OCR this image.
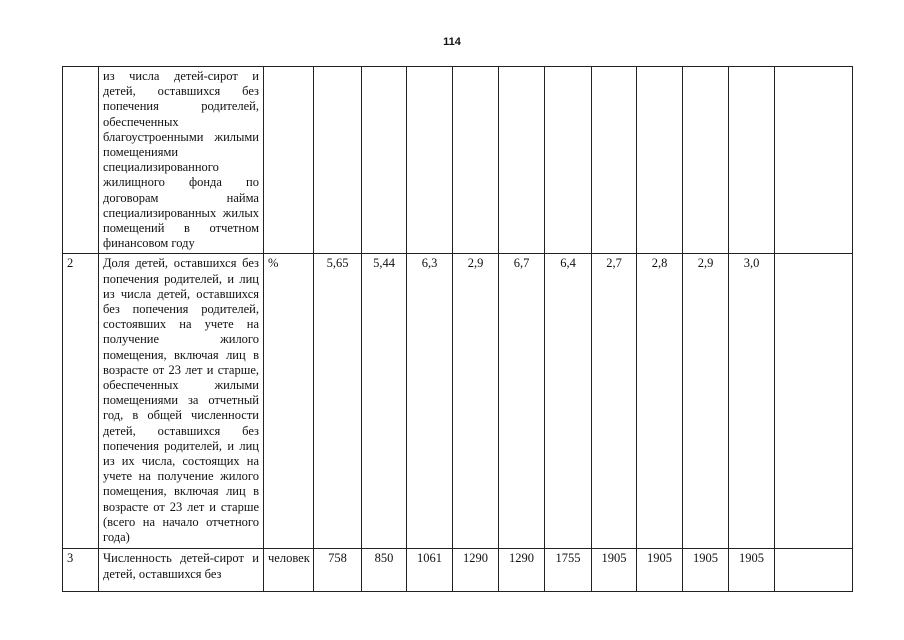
114
	из числа детей-сирот и детей, оставшихся без попечения родителей, обеспеченных благоустроенными жилыми помещениями специализированного жилищного фонда по договорам найма специализированных жилых помещений в отчетном финансовом году												
2	Доля детей, оставшихся без попечения родителей, и лиц из числа детей, оставшихся без попечения родителей, состоявших на учете на получение жилого помещения, включая лиц в возрасте от 23 лет и старше, обеспеченных жилыми помещениями за отчетный год, в общей численности детей, оставшихся без попечения родителей, и лиц из их числа, состоящих на учете на получение жилого помещения, включая лиц в возрасте от 23 лет и старше (всего на начало отчетного года)	%	5,65	5,44	6,3	2,9	6,7	6,4	2,7	2,8	2,9	3,0	
3	Численность детей-сирот и детей, оставшихся без	человек	758	850	1061	1290	1290	1755	1905	1905	1905	1905	
